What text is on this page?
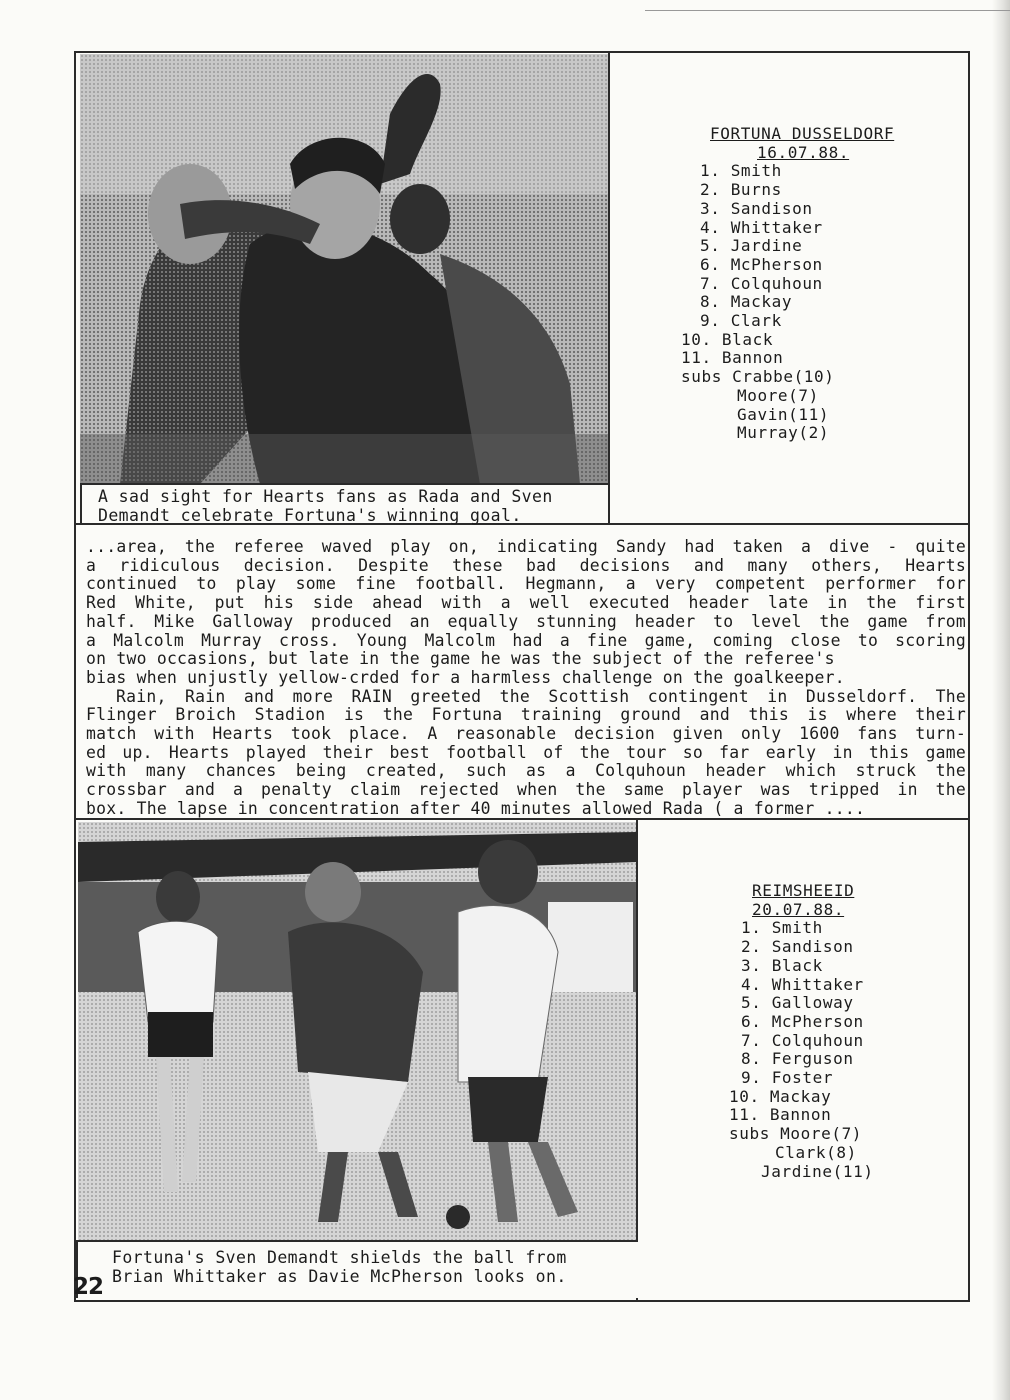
A sad sight for Hearts fans as Rada and Sven
Demandt celebrate Fortuna's winning goal.
FORTUNA DUSSELDORF
16.07.88.
1. Smith
2. Burns
3. Sandison
4. Whittaker
5. Jardine
6. McPherson
7. Colquhoun
8. Mackay
9. Clark
10. Black
11. Bannon
subs Crabbe(10)
Moore(7)
Gavin(11)
Murray(2)

...area, the referee waved play on, indicating Sandy had taken a dive - quite

a ridiculous decision. Despite these bad decisions and many others, Hearts

continued to play some fine football. Hegmann, a very competent performer for

Red White, put his side ahead with a well executed header late in the first

half. Mike Galloway produced an equally stunning header to level the game from

a Malcolm Murray cross. Young Malcolm had a fine game, coming close to scoring

on two occasions, but late in the game he was the subject of the referee's

bias when unjustly yellow-crded for a harmless challenge on the goalkeeper.

Rain, Rain and more RAIN greeted the Scottish contingent in Dusseldorf. The

Flinger Broich Stadion is the Fortuna training ground and this is where their

match with Hearts took place. A reasonable decision given only 1600 fans turn-

ed up. Hearts played their best football of the tour so far early in this game

with many chances being created, such as a Colquhoun header which struck the

crossbar and a penalty claim rejected when the same player was tripped in the

box. The lapse in concentration after 40 minutes allowed Rada ( a former ....

Fortuna's Sven Demandt shields the ball from
Brian Whittaker as Davie McPherson looks on.
REIMSHEEID
20.07.88.
1. Smith
2. Sandison
3. Black
4. Whittaker
5. Galloway
6. McPherson
7. Colquhoun
8. Ferguson
9. Foster
10. Mackay
11. Bannon
subs Moore(7)
Clark(8)
Jardine(11)
22
